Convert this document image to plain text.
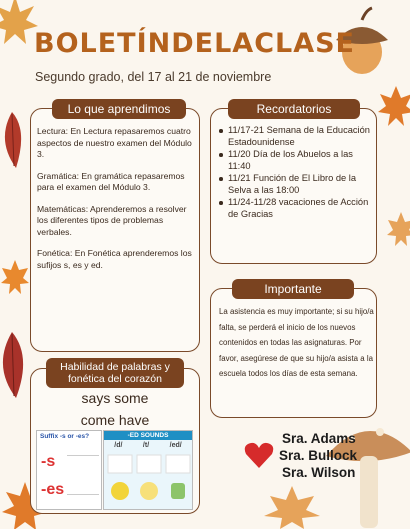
BOLETÍNDELACLASE
Segundo grado, del 17 al 21 de noviembre
Lo que aprendimos

Lectura: En Lectura repasaremos cuatro aspectos de nuestro examen del Módulo 3.

Gramática: En gramática repasaremos para el examen del Módulo 3.

Matemáticas: Aprenderemos a resolver los diferentes tipos de problemas verbales.

Fonética: En Fonética aprenderemos los sufijos s, es y ed.

11/17-21 Semana de la Educación Estadounidense
11/20 Día de los Abuelos a las 11:40
11/21 Función de El Libro de la Selva a las 18:00
11/24-11/28 vacaciones de Acción de Gracias
Recordatorios
La asistencia es muy importante; si su hijo/a falta, se perderá el inicio de los nuevos contenidos en todas las asignaturas. Por favor, asegúrese de que su hijo/a asista a la escuela todos los días de esta semana.
Importante
Habilidad de palabras y
fonética del corazón
says some
come have
Suffix -s or -es?
-s
-es
-ED SOUNDS
/d/	/t/	/ed/	Sra. Adams
Sra. Bullock
Sra. Wilson
